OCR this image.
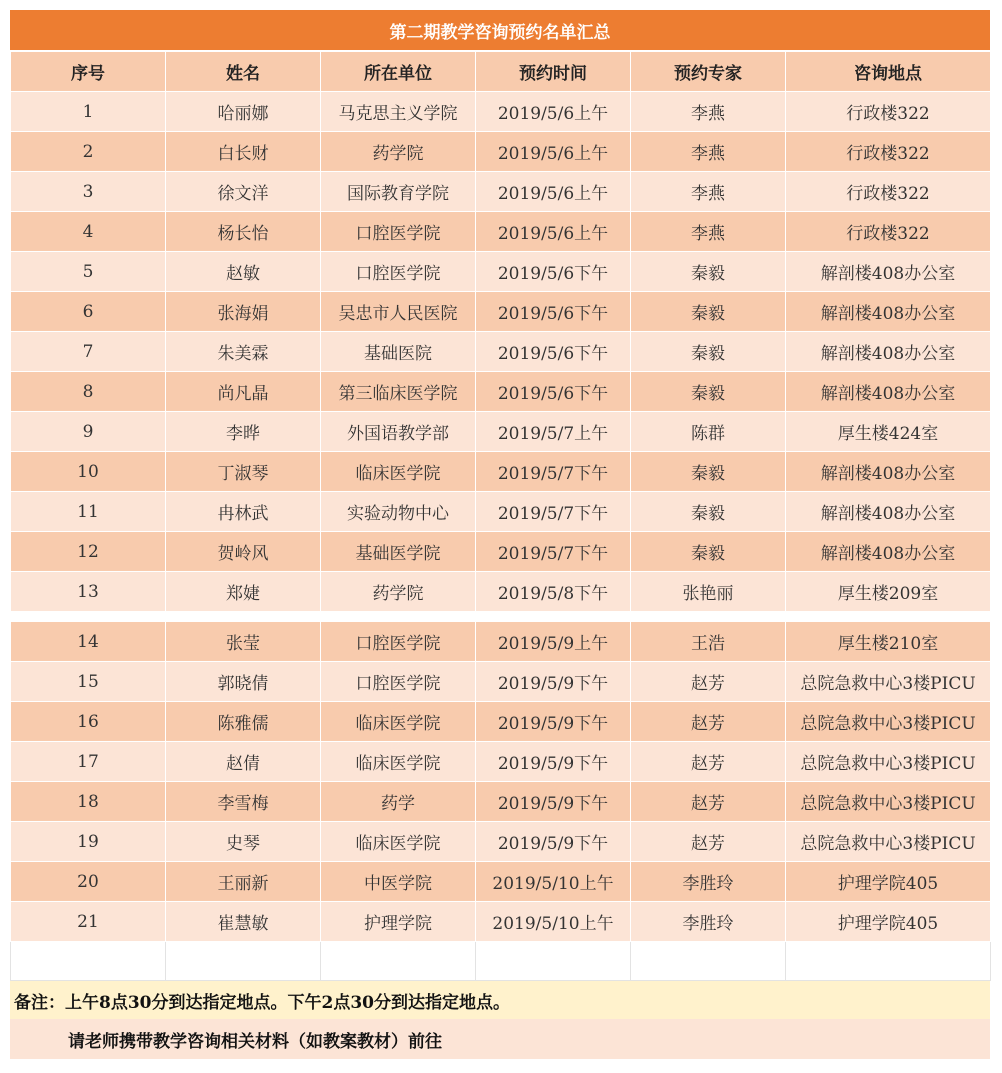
第二期教学咨询预约名单汇总
序号	姓名	所在单位	预约时间	预约专家	咨询地点
1	哈丽娜	马克思主义学院	2019/5/6上午	李燕	行政楼322
2	白长财	药学院	2019/5/6上午	李燕	行政楼322
3	徐文洋	国际教育学院	2019/5/6上午	李燕	行政楼322
4	杨长怡	口腔医学院	2019/5/6上午	李燕	行政楼322
5	赵敏	口腔医学院	2019/5/6下午	秦毅	解剖楼408办公室
6	张海娟	吴忠市人民医院	2019/5/6下午	秦毅	解剖楼408办公室
7	朱美霖	基础医院	2019/5/6下午	秦毅	解剖楼408办公室
8	尚凡晶	第三临床医学院	2019/5/6下午	秦毅	解剖楼408办公室
9	李晔	外国语教学部	2019/5/7上午	陈群	厚生楼424室
10	丁淑琴	临床医学院	2019/5/7下午	秦毅	解剖楼408办公室
11	冉林武	实验动物中心	2019/5/7下午	秦毅	解剖楼408办公室
12	贺岭风	基础医学院	2019/5/7下午	秦毅	解剖楼408办公室
13	郑婕	药学院	2019/5/8下午	张艳丽	厚生楼209室

14	张莹	口腔医学院	2019/5/9上午	王浩	厚生楼210室
15	郭晓倩	口腔医学院	2019/5/9下午	赵芳	总院急救中心3楼PICU
16	陈雅儒	临床医学院	2019/5/9下午	赵芳	总院急救中心3楼PICU
17	赵倩	临床医学院	2019/5/9下午	赵芳	总院急救中心3楼PICU
18	李雪梅	药学	2019/5/9下午	赵芳	总院急救中心3楼PICU
19	史琴	临床医学院	2019/5/9下午	赵芳	总院急救中心3楼PICU
20	王丽新	中医学院	2019/5/10上午	李胜玲	护理学院405
21	崔慧敏	护理学院	2019/5/10上午	李胜玲	护理学院405

备注：上午8点30分到达指定地点。下午2点30分到达指定地点。
请老师携带教学咨询相关材料（如教案教材）前往
